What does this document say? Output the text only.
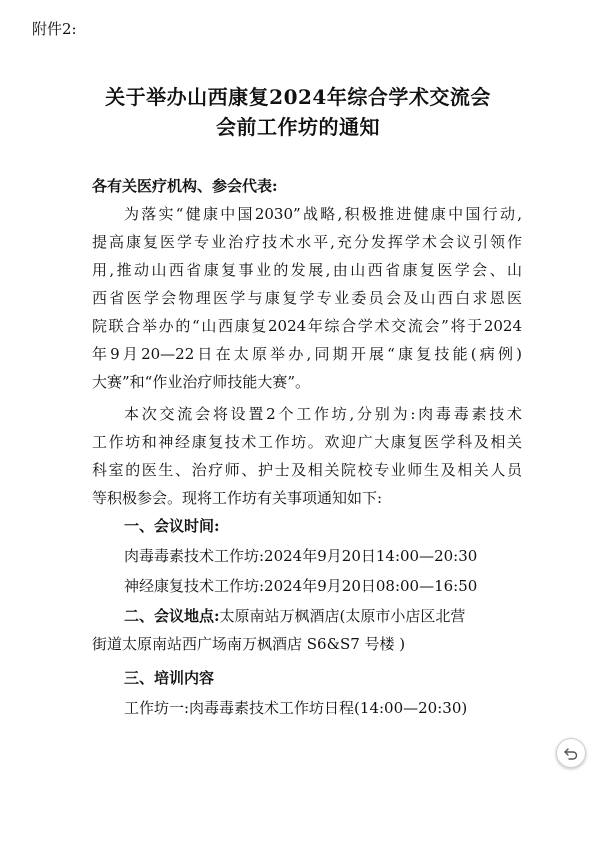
附件2:
关于举办山西康复2024年综合学术交流会
会前工作坊的通知
各有关医疗机构、参会代表:
为落实“健康中国2030”战略,积极推进健康中国行动,
提高康复医学专业治疗技术水平,充分发挥学术会议引领作
用,推动山西省康复事业的发展,由山西省康复医学会、山
西省医学会物理医学与康复学专业委员会及山西白求恩医
院联合举办的“山西康复2024年综合学术交流会”将于2024
年9月20—22日在太原举办,同期开展“康复技能(病例)
大赛”和“作业治疗师技能大赛”。
本次交流会将设置2个工作坊,分别为:肉毒毒素技术
工作坊和神经康复技术工作坊。欢迎广大康复医学科及相关
科室的医生、治疗师、护士及相关院校专业师生及相关人员
等积极参会。现将工作坊有关事项通知如下:
一、会议时间:
肉毒毒素技术工作坊:2024年9月20日14:00—20:30
神经康复技术工作坊:2024年9月20日08:00—16:50
二、会议地点:太原南站万枫酒店(太原市小店区北营
街道太原南站西广场南万枫酒店 S6&S7 号楼 )
三、培训内容
工作坊一:肉毒毒素技术工作坊日程(14:00—20:30)
